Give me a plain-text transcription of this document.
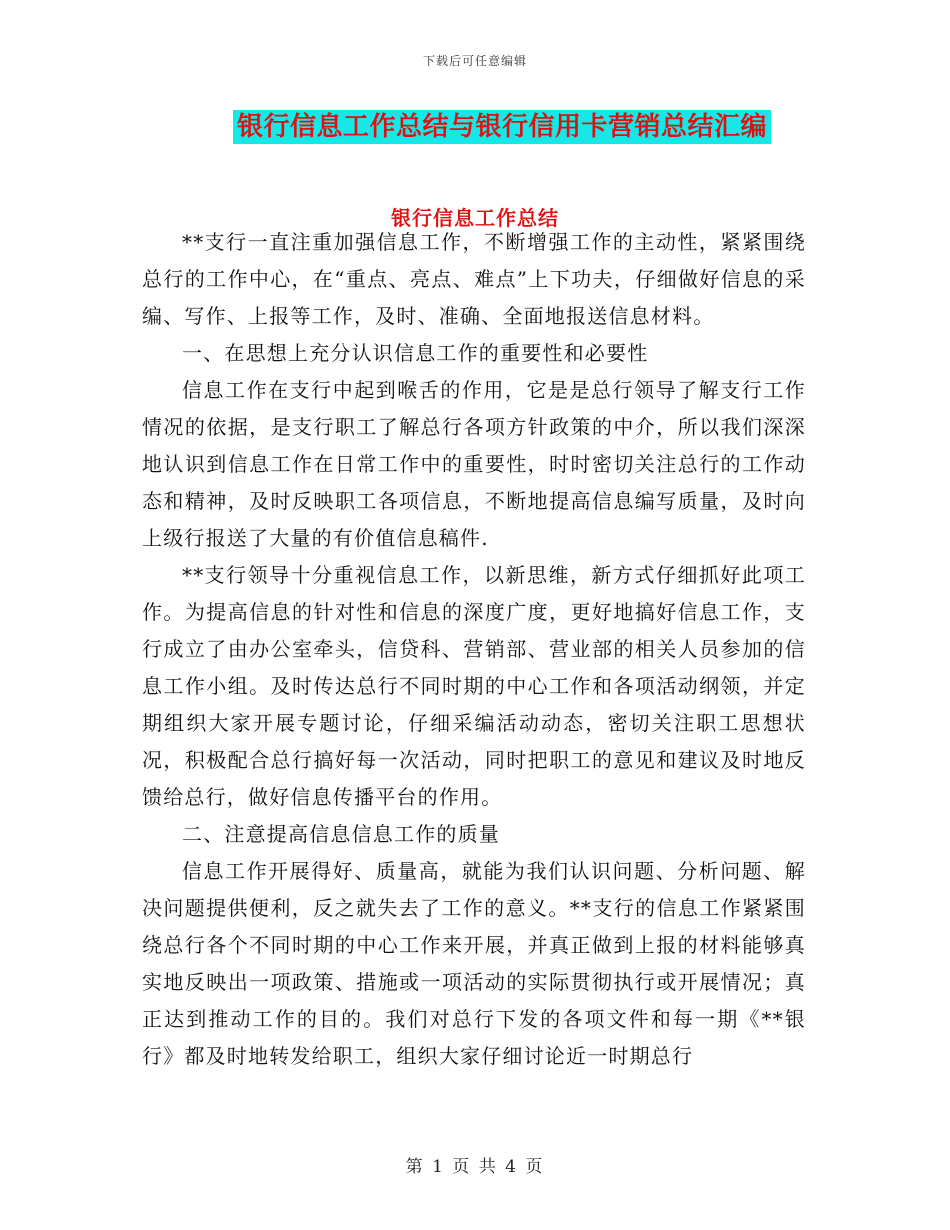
下载后可任意编辑
银行信息工作总结与银行信用卡营销总结汇编
银行信息工作总结

**支行一直注重加强信息工作，不断增强工作的主动性，紧紧围绕总行的工作中心，在“重点、亮点、难点”上下功夫，仔细做好信息的采编、写作、上报等工作，及时、准确、全面地报送信息材料。

一、在思想上充分认识信息工作的重要性和必要性

信息工作在支行中起到喉舌的作用，它是是总行领导了解支行工作情况的依据，是支行职工了解总行各项方针政策的中介，所以我们深深地认识到信息工作在日常工作中的重要性，时时密切关注总行的工作动态和精神，及时反映职工各项信息，不断地提高信息编写质量，及时向上级行报送了大量的有价值信息稿件.

**支行领导十分重视信息工作，以新思维，新方式仔细抓好此项工作。为提高信息的针对性和信息的深度广度，更好地搞好信息工作，支行成立了由办公室牵头，信贷科、营销部、营业部的相关人员参加的信息工作小组。及时传达总行不同时期的中心工作和各项活动纲领，并定期组织大家开展专题讨论，仔细采编活动动态，密切关注职工思想状况，积极配合总行搞好每一次活动，同时把职工的意见和建议及时地反馈给总行，做好信息传播平台的作用。

二、注意提高信息信息工作的质量

信息工作开展得好、质量高，就能为我们认识问题、分析问题、解决问题提供便利，反之就失去了工作的意义。**支行的信息工作紧紧围绕总行各个不同时期的中心工作来开展，并真正做到上报的材料能够真实地反映出一项政策、措施或一项活动的实际贯彻执行或开展情况；真正达到推动工作的目的。我们对总行下发的各项文件和每一期《**银行》都及时地转发给职工，组织大家仔细讨论近一时期总行

第 1 页 共 4 页
